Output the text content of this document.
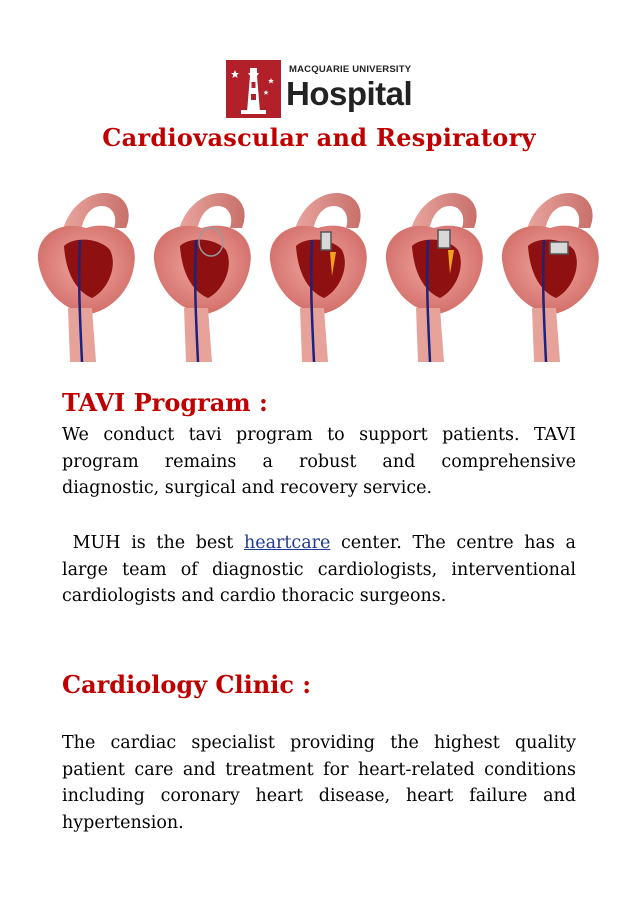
MACQUARIE UNIVERSITY
Hospital
Cardiovascular and Respiratory
TAVI Program :
We conduct tavi program to support patients. TAVI program remains a robust and comprehensive diagnostic, surgical and recovery service.
MUH is the best heartcare center. The centre has a large team of diagnostic cardiologists, interventional cardiologists and cardio thoracic surgeons.
Cardiology Clinic :
The cardiac specialist providing the highest quality patient care and treatment for heart-related conditions including coronary heart disease, heart failure and hypertension.
